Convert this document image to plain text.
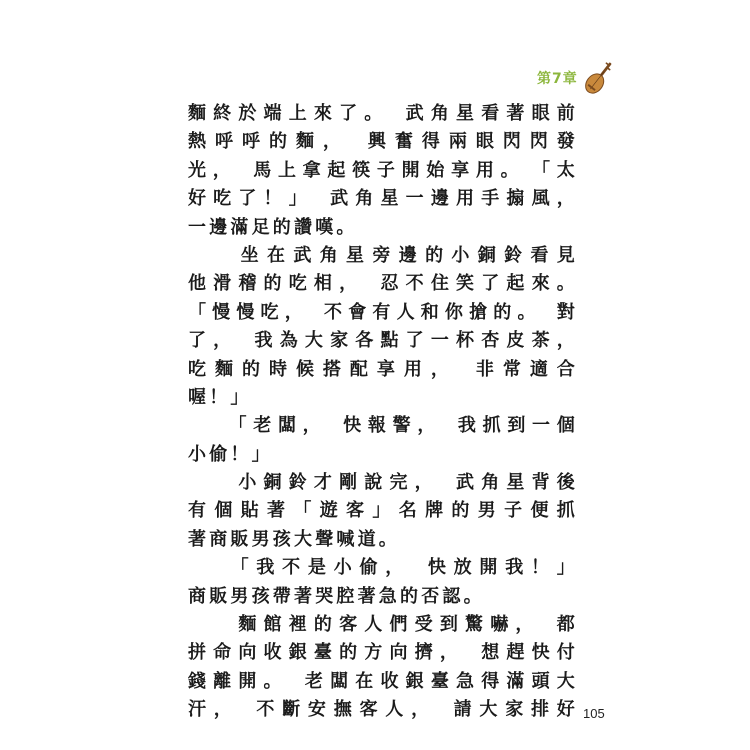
第7章
麵終於端上來了。　武角星看著眼前
熱呼呼的麵，　興奮得兩眼閃閃發
光，　馬上拿起筷子開始享用。　「太
好吃了！」　武角星一邊用手搧風，
一邊滿足的讚嘆。
　　坐在武角星旁邊的小銅鈴看見
他滑稽的吃相，　忍不住笑了起來。
「慢慢吃，　不會有人和你搶的。　對
了，　我為大家各點了一杯杏皮茶，
吃麵的時候搭配享用，　非常適合
喔！」
　　「老闆，　快報警，　我抓到一個
小偷！」
　　小銅鈴才剛說完，　武角星背後
有個貼著「遊客」名牌的男子便抓
著商販男孩大聲喊道。
　　「我不是小偷，　快放開我！」
商販男孩帶著哭腔著急的否認。
　　麵館裡的客人們受到驚嚇，　都
拼命向收銀臺的方向擠，　想趕快付
錢離開。　老闆在收銀臺急得滿頭大
汗，　不斷安撫客人，　請大家排好 105
